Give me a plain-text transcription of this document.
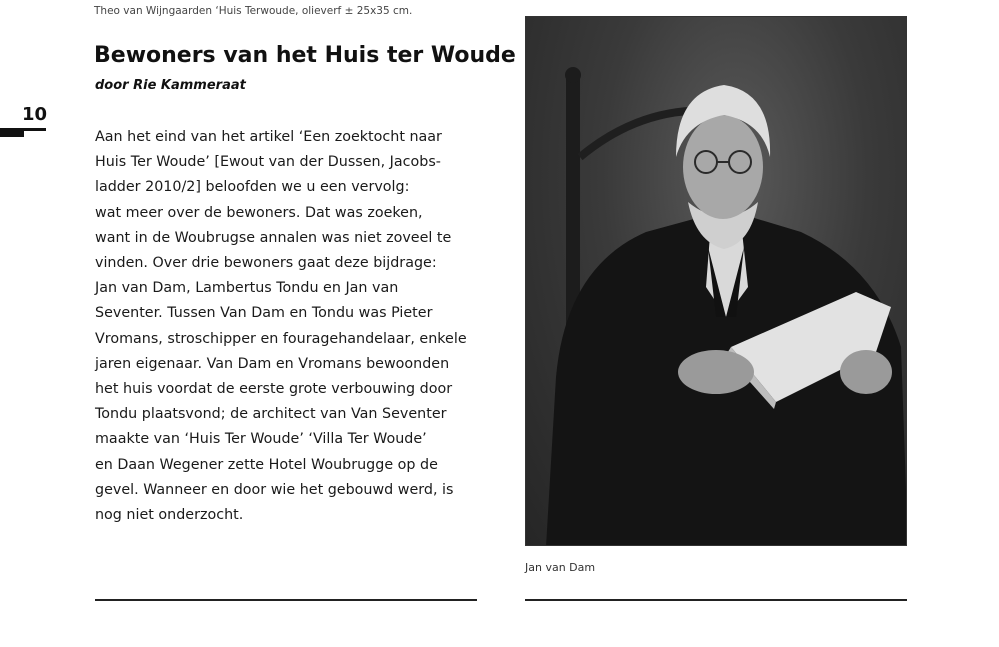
Theo van Wijngaarden ‘Huis Terwoude, olieverf ± 25x35 cm.
10
Bewoners van het Huis ter Woude
door Rie Kammeraat
Aan het eind van het artikel ‘Een zoektocht naar
Huis Ter Woude’ [Ewout van der Dussen, Jacobs-
ladder 2010/2] beloofden we u een vervolg:
wat meer over de bewoners. Dat was zoeken,
want in de Woubrugse annalen was niet zoveel te
vinden. Over drie bewoners gaat deze bijdrage:
Jan van Dam, Lambertus Tondu en Jan van
Seventer. Tussen Van Dam en Tondu was Pieter
Vromans, stroschipper en fouragehandelaar, enkele
jaren eigenaar. Van Dam en Vromans bewoonden
het huis voordat de eerste grote verbouwing door
Tondu plaatsvond; de architect van Van Seventer
maakte van ‘Huis Ter Woude’ ‘Villa Ter Woude’
en Daan Wegener zette Hotel Woubrugge op de
gevel. Wanneer en door wie het gebouwd werd, is
nog niet onderzocht.
Jan van Dam
